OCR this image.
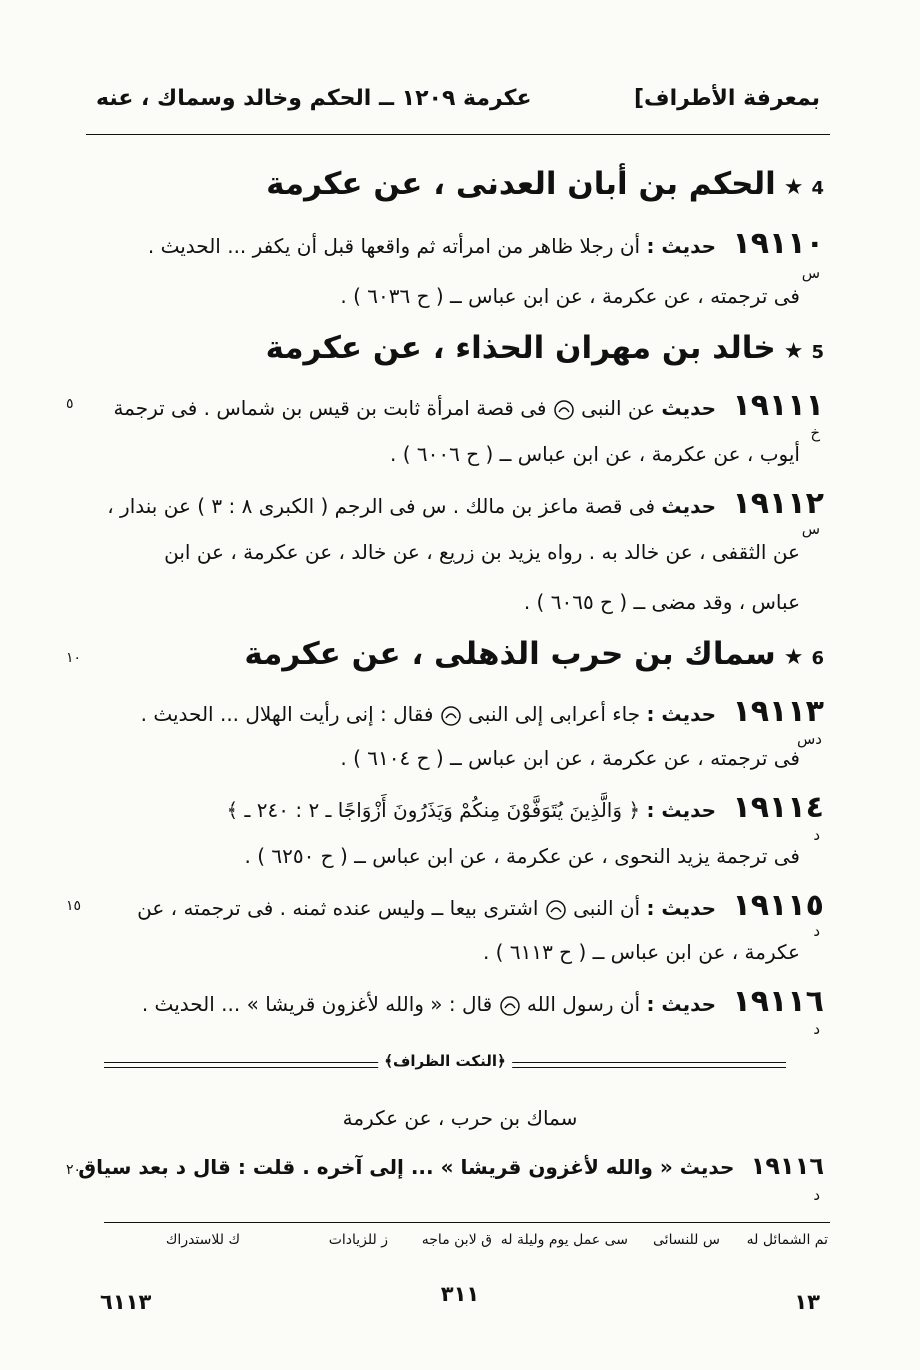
بمعرفة الأطراف]
عكرمة ١٢٠٩ ــ الحكم وخالد وسماك ، عنه
4★الحكم بن أبان العدنى ، عن عكرمة
١٩١١٠ حديث : أن رجلا ظاهر من امرأته ثم واقعها قبل أن يكفر ... الحديث .
س
فى ترجمته ، عن عكرمة ، عن ابن عباس ــ ( ح ٦٠٣٦ ) .
5★خالد بن مهران الحذاء ، عن عكرمة
١٩١١١ حديث عن النبى  فى قصة امرأة ثابت بن قيس بن شماس . فى ترجمة
٥
خ
أيوب ، عن عكرمة ، عن ابن عباس ــ ( ح ٦٠٠٦ ) .
١٩١١٢ حديث فى قصة ماعز بن مالك . س فى الرجم ( الكبرى ٨ : ٣ ) عن بندار ،
س
عن الثقفى ، عن خالد به . رواه يزيد بن زريع ، عن خالد ، عن عكرمة ، عن ابن
عباس ، وقد مضى ــ ( ح ٦٠٦٥ ) .
6★سماك بن حرب الذهلى ، عن عكرمة
١٠
١٩١١٣ حديث : جاء أعرابى إلى النبى  فقال : إنى رأيت الهلال ... الحديث .
دس
فى ترجمته ، عن عكرمة ، عن ابن عباس ــ ( ح ٦١٠٤ ) .
١٩١١٤ حديث : ﴿ وَالَّذِينَ يُتَوَفَّوْنَ مِنكُمْ وَيَذَرُونَ أَزْوَاجًا ـ ٢ : ٢٤٠ ـ ﴾
د
فى ترجمة يزيد النحوى ، عن عكرمة ، عن ابن عباس ــ ( ح ٦٢٥٠ ) .
١٩١١٥ حديث : أن النبى  اشترى بيعا ــ وليس عنده ثمنه . فى ترجمته ، عن
١٥
د
عكرمة ، عن ابن عباس ــ ( ح ٦١١٣ ) .
١٩١١٦ حديث : أن رسول الله  قال : « والله لأغزون قريشا » ... الحديث .
د
﴿النكت الظراف﴾
سماك بن حرب ، عن عكرمة
١٩١١٦ حديث « والله لأغزون قريشا » ... إلى آخره . قلت : قال د بعد سياق
٢٠
د
تم الشمائل له
س للنسائى
سى عمل يوم وليلة له
ق لابن ماجه
ز للزيادات
ك للاستدراك
١٣
٣١١
٦١١٣
